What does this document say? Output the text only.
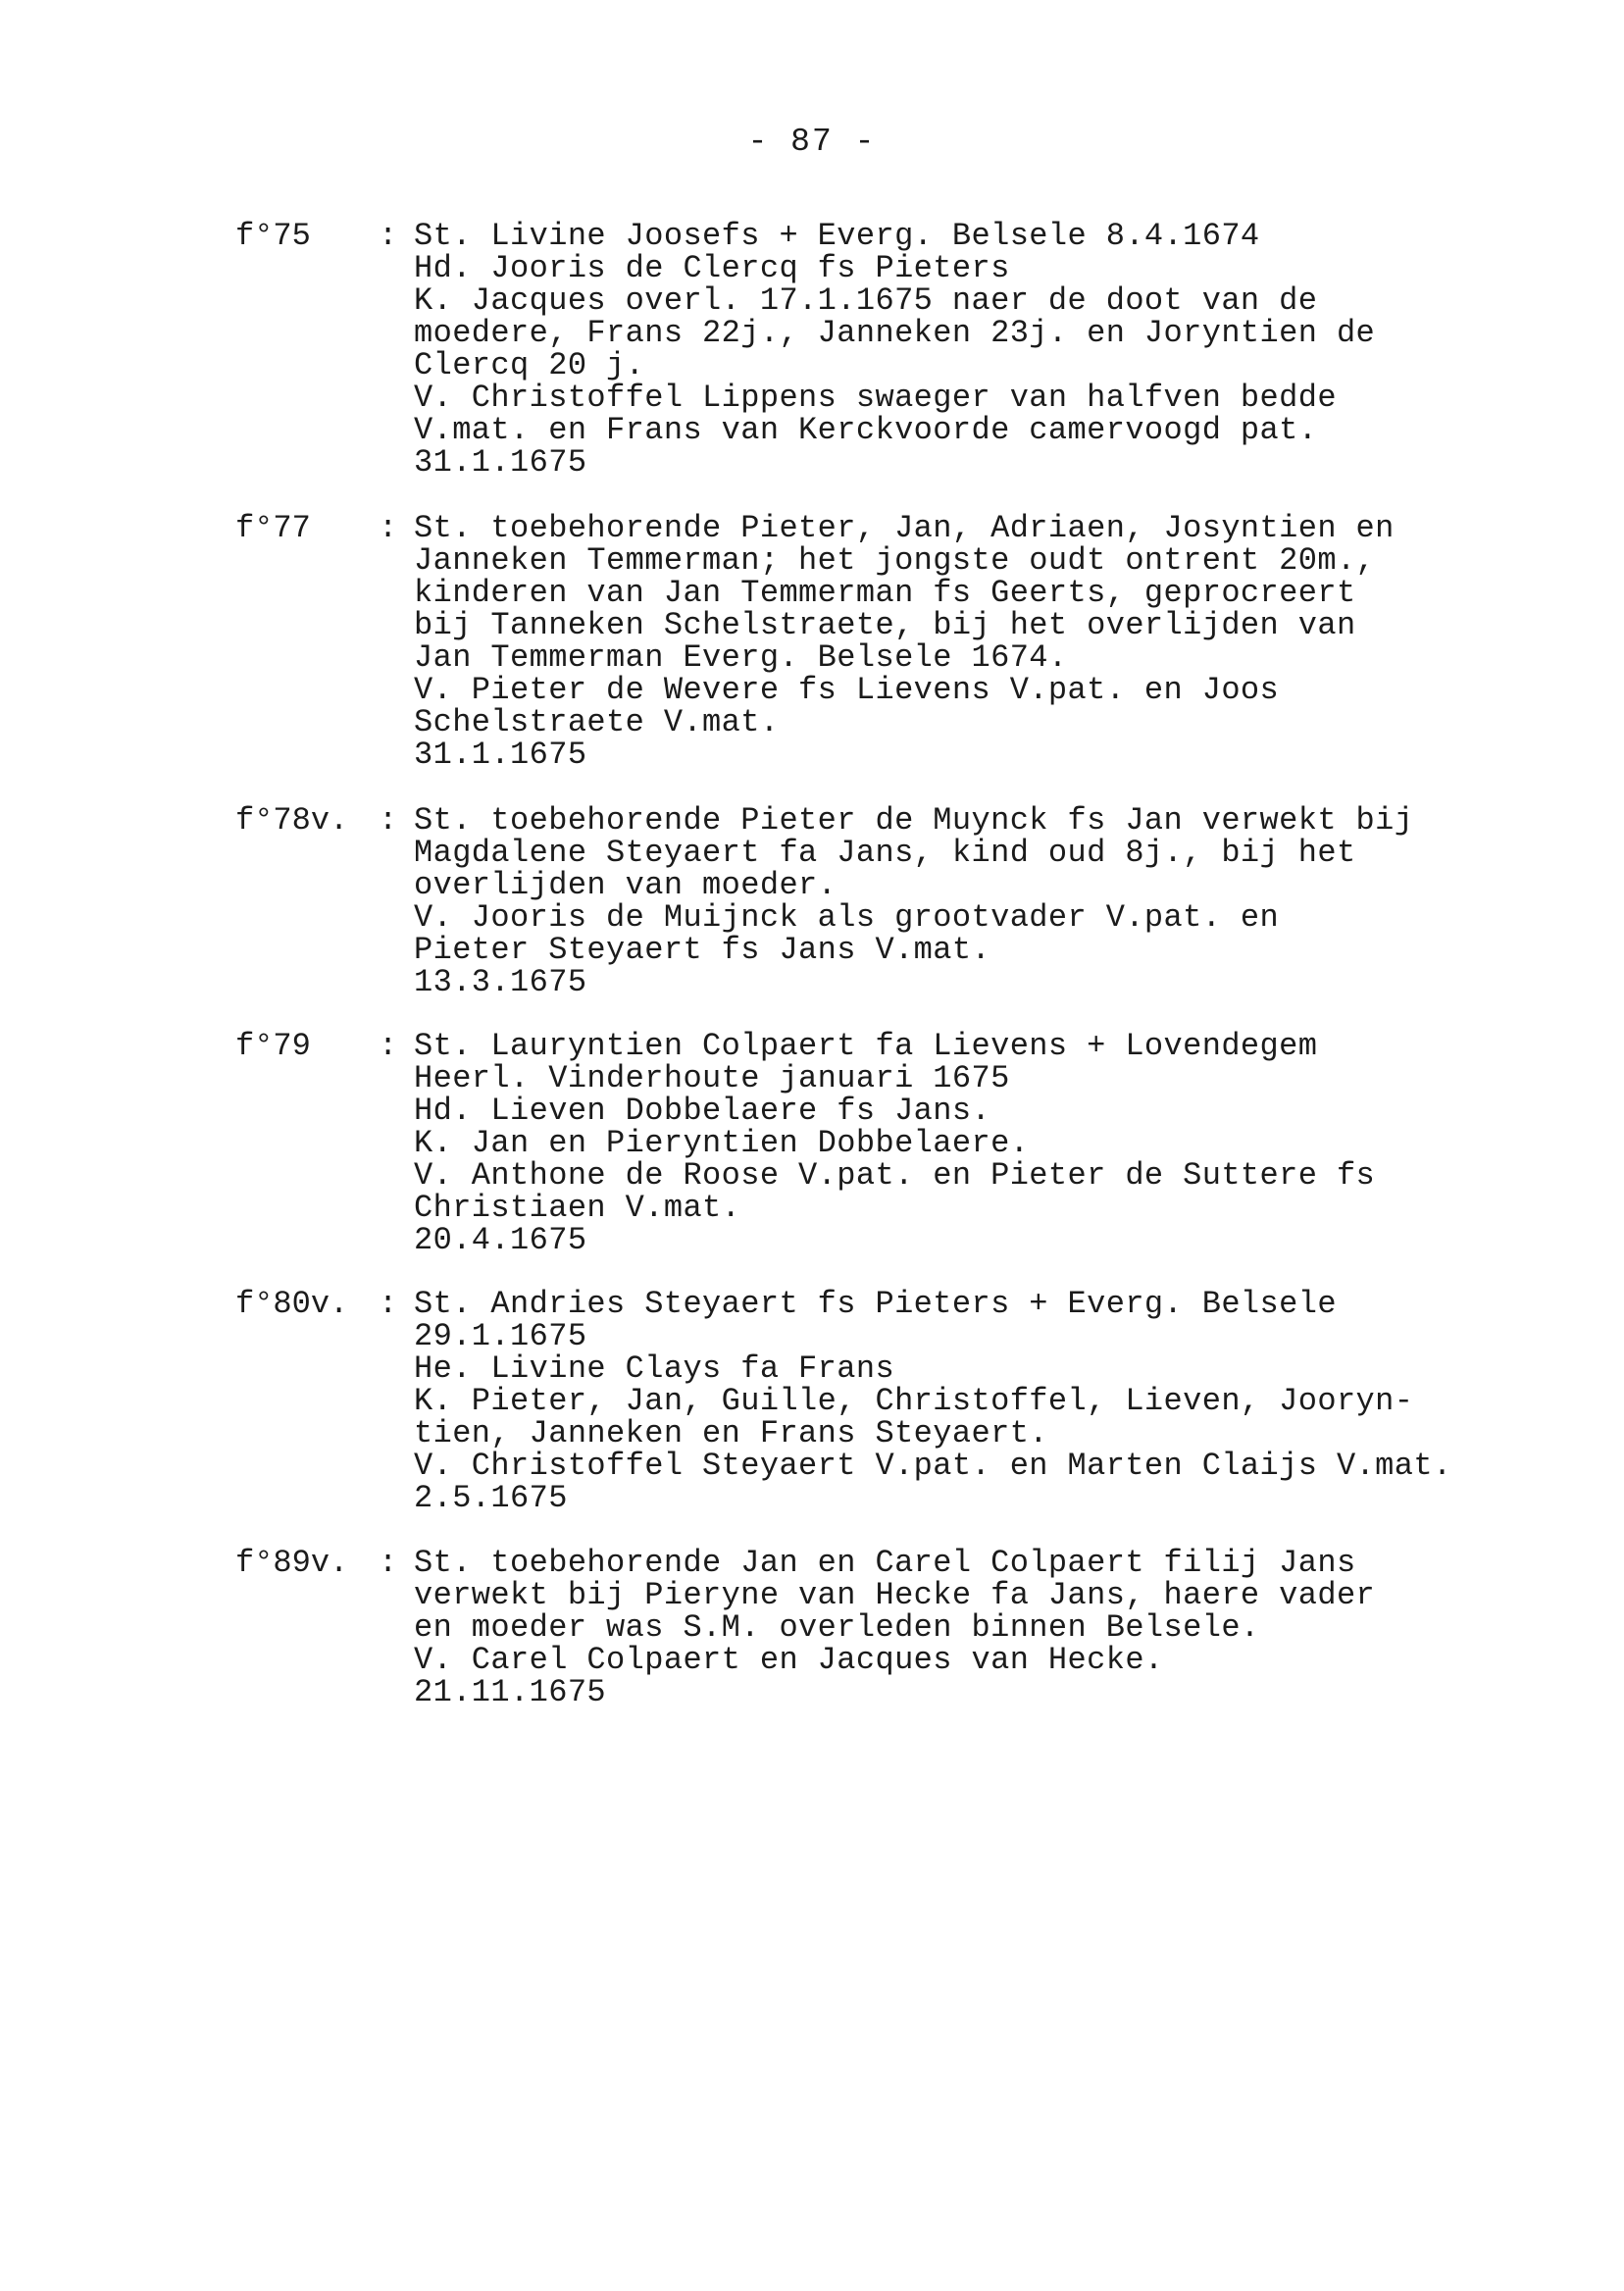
- 87 -
f°75 : St. Livine Joosefs + Everg. Belsele 8.4.1674
Hd. Jooris de Clercq fs Pieters
K. Jacques overl. 17.1.1675 naer de doot van de
moedere, Frans 22j., Janneken 23j. en Joryntien de
Clercq 20 j.
V. Christoffel Lippens swaeger van halfven bedde
V.mat. en Frans van Kerckvoorde camervoogd pat.
31.1.1675
f°77 : St. toebehorende Pieter, Jan, Adriaen, Josyntien en
Janneken Temmerman; het jongste oudt ontrent 20m.,
kinderen van Jan Temmerman fs Geerts, geprocreert
bij Tanneken Schelstraete, bij het overlijden van
Jan Temmerman Everg. Belsele 1674.
V. Pieter de Wevere fs Lievens V.pat. en Joos
Schelstraete V.mat.
31.1.1675
f°78v. : St. toebehorende Pieter de Muynck fs Jan verwekt bij
Magdalene Steyaert fa Jans, kind oud 8j., bij het
overlijden van moeder.
V. Jooris de Muijnck als grootvader V.pat. en
Pieter Steyaert fs Jans V.mat.
13.3.1675
f°79 : St. Lauryntien Colpaert fa Lievens + Lovendegem
Heerl. Vinderhoute januari 1675
Hd. Lieven Dobbelaere fs Jans.
K. Jan en Pieryntien Dobbelaere.
V. Anthone de Roose V.pat. en Pieter de Suttere fs
Christiaen V.mat.
20.4.1675
f°80v. : St. Andries Steyaert fs Pieters + Everg. Belsele
29.1.1675
He. Livine Clays fa Frans
K. Pieter, Jan, Guille, Christoffel, Lieven, Jooryn-
tien, Janneken en Frans Steyaert.
V. Christoffel Steyaert V.pat. en Marten Claijs V.mat.
2.5.1675
f°89v. : St. toebehorende Jan en Carel Colpaert filij Jans
verwekt bij Pieryne van Hecke fa Jans, haere vader
en moeder was S.M. overleden binnen Belsele.
V. Carel Colpaert en Jacques van Hecke.
21.11.1675
